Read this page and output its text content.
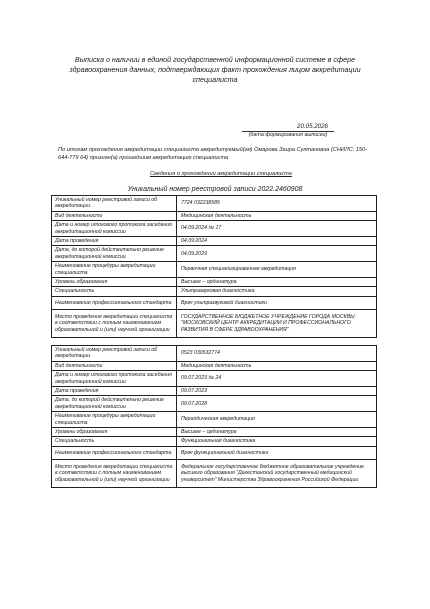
Выписка о наличии в единой государственной информационной системе в сфере здравоохранения данных, подтверждающих факт прохождения лицом аккредитации специалиста
20.05.2026
(дата формирования выписки)
По итогам прохождения аккредитации специалиста аккредитуемый(ая) Омарова Заира Султановна (СНИЛС: 150-644-779 64) признан(а) прошедшим аккредитацию специалиста
Сведения о прохождении аккредитации специалиста
Уникальный номер реестровой записи 2022.2460908
Уникальный номер реестровой записи об аккредитации	7724 032238585
Вид деятельности	Медицинская деятельность
Дата и номер итогового протокола заседания аккредитационной комиссии	04.09.2024 № 17
Дата проведения	04.09.2024
Дата, до которой действительно решение аккредитационной комиссии	04.09.2029
Наименование процедуры аккредитации специалиста	Первичная специализированная аккредитация
Уровень образования	Высшее – ординатура
Специальность	Ультразвуковая диагностика
Наименование профессионального стандарта	Врач ультразвуковой диагностики
Место проведения аккредитации специалиста в соответствии с полным наименованием образовательной и (или) научной организации	ГОСУДАРСТВЕННОЕ БЮДЖЕТНОЕ УЧРЕЖДЕНИЕ ГОРОДА МОСКВЫ "МОСКОВСКИЙ ЦЕНТР АККРЕДИТАЦИИ И ПРОФЕССИОНАЛЬНОГО РАЗВИТИЯ В СФЕРЕ ЗДРАВООХРАНЕНИЯ"
Уникальный номер реестровой записи об аккредитации	0523 030532774
Вид деятельности	Медицинская деятельность
Дата и номер итогового протокола заседания аккредитационной комиссии	09.07.2023 № 24
Дата проведения	09.07.2023
Дата, до которой действительно решение аккредитационной комиссии	09.07.2028
Наименование процедуры аккредитации специалиста	Периодическая аккредитация
Уровень образования	Высшее – ординатура
Специальность	Функциональная диагностика
Наименование профессионального стандарта	Врач функциональной диагностики
Место проведения аккредитации специалиста в соответствии с полным наименованием образовательной и (или) научной организации	Федеральное государственное бюджетное образовательное учреждение высшего образования "Дагестанский государственный медицинский университет" Министерства Здравоохранения Российской Федерации
